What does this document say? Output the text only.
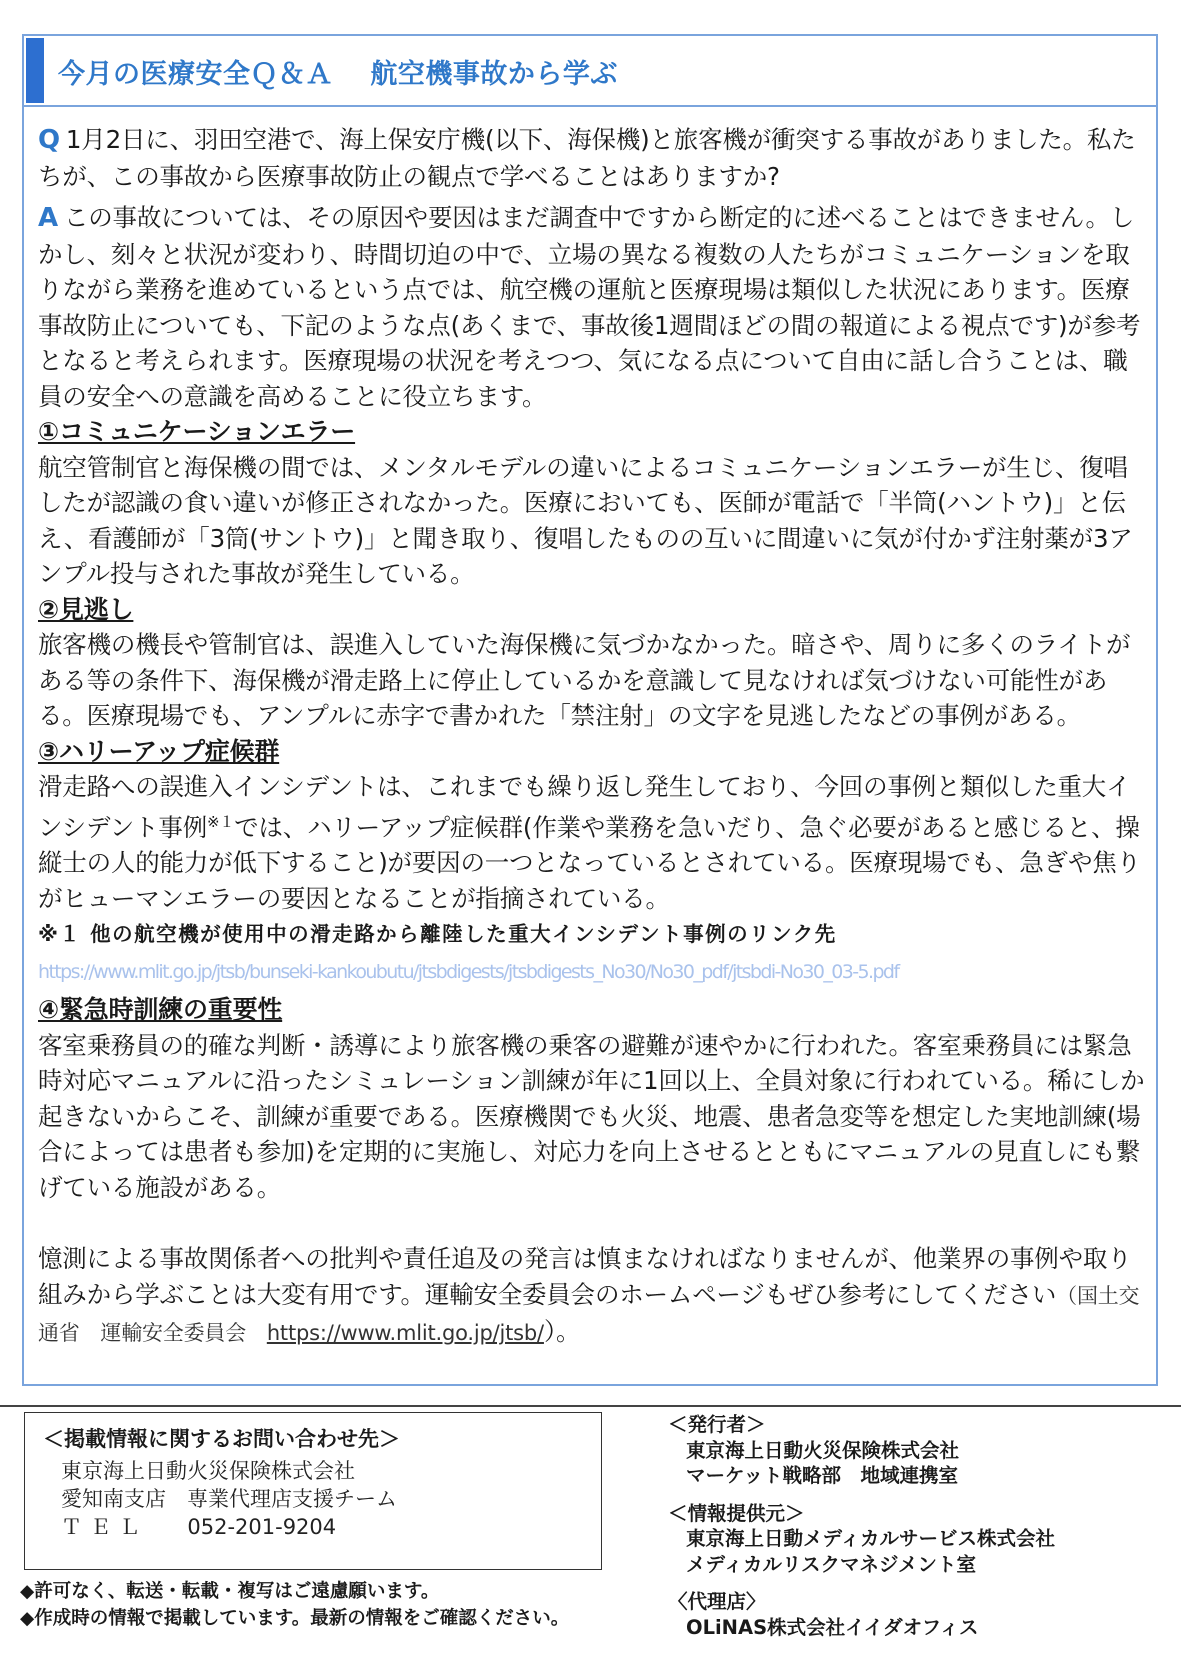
今月の医療安全Ｑ＆Ａ　 航空機事故から学ぶ

Q 1月2日に、羽田空港で、海上保安庁機(以下、海保機)と旅客機が衝突する事故がありました。私たちが、この事故から医療事故防止の観点で学べることはありますか?

A この事故については、その原因や要因はまだ調査中ですから断定的に述べることはできません。しかし、刻々と状況が変わり、時間切迫の中で、立場の異なる複数の人たちがコミュニケーションを取りながら業務を進めているという点では、航空機の運航と医療現場は類似した状況にあります。医療事故防止についても、下記のような点(あくまで、事故後1週間ほどの間の報道による視点です)が参考となると考えられます。医療現場の状況を考えつつ、気になる点について自由に話し合うことは、職員の安全への意識を高めることに役立ちます。

①コミュニケーションエラー

航空管制官と海保機の間では、メンタルモデルの違いによるコミュニケーションエラーが生じ、復唱したが認識の食い違いが修正されなかった。医療においても、医師が電話で「半筒(ハントウ)」と伝え、看護師が「3筒(サントウ)」と聞き取り、復唱したものの互いに間違いに気が付かず注射薬が3アンプル投与された事故が発生している。

②見逃し

旅客機の機長や管制官は、誤進入していた海保機に気づかなかった。暗さや、周りに多くのライトがある等の条件下、海保機が滑走路上に停止しているかを意識して見なければ気づけない可能性がある。医療現場でも、アンプルに赤字で書かれた「禁注射」の文字を見逃したなどの事例がある。

③ハリーアップ症候群

滑走路への誤進入インシデントは、これまでも繰り返し発生しており、今回の事例と類似した重大インシデント事例$^{※1}$では、ハリーアップ症候群(作業や業務を急いだり、急ぐ必要があると感じると、操縦士の人的能力が低下すること)が要因の一つとなっているとされている。医療現場でも、急ぎや焦りがヒューマンエラーの要因となることが指摘されている。

※１ 他の航空機が使用中の滑走路から離陸した重大インシデント事例のリンク先

https://www.mlit.go.jp/jtsb/bunseki-kankoubutu/jtsbdigests/jtsbdigests_No30/No30_pdf/jtsbdi-No30_03-5.pdf

④緊急時訓練の重要性

客室乗務員の的確な判断・誘導により旅客機の乗客の避難が速やかに行われた。客室乗務員には緊急時対応マニュアルに沿ったシミュレーション訓練が年に1回以上、全員対象に行われている。稀にしか起きないからこそ、訓練が重要である。医療機関でも火災、地震、患者急変等を想定した実地訓練(場合によっては患者も参加)を定期的に実施し、対応力を向上させるとともにマニュアルの見直しにも繋げている施設がある。

憶測による事故関係者への批判や責任追及の発言は慎まなければなりませんが、他業界の事例や取り組みから学ぶことは大変有用です。運輸安全委員会のホームページもぜひ参考にしてください（国土交通省　運輸安全委員会　https://www.mlit.go.jp/jtsb/）。

＜掲載情報に関するお問い合わせ先＞
東京海上日動火災保険株式会社
愛知南支店　専業代理店支援チーム
ＴＥＬ 052-201-9204
◆許可なく、転送・転載・複写はご遠慮願います。
◆作成時の情報で掲載しています。最新の情報をご確認ください。
＜発行者＞
東京海上日動火災保険株式会社
マーケット戦略部　地域連携室
＜情報提供元＞
東京海上日動メディカルサービス株式会社
メディカルリスクマネジメント室
〈代理店〉
OLiNAS株式会社イイダオフィス
